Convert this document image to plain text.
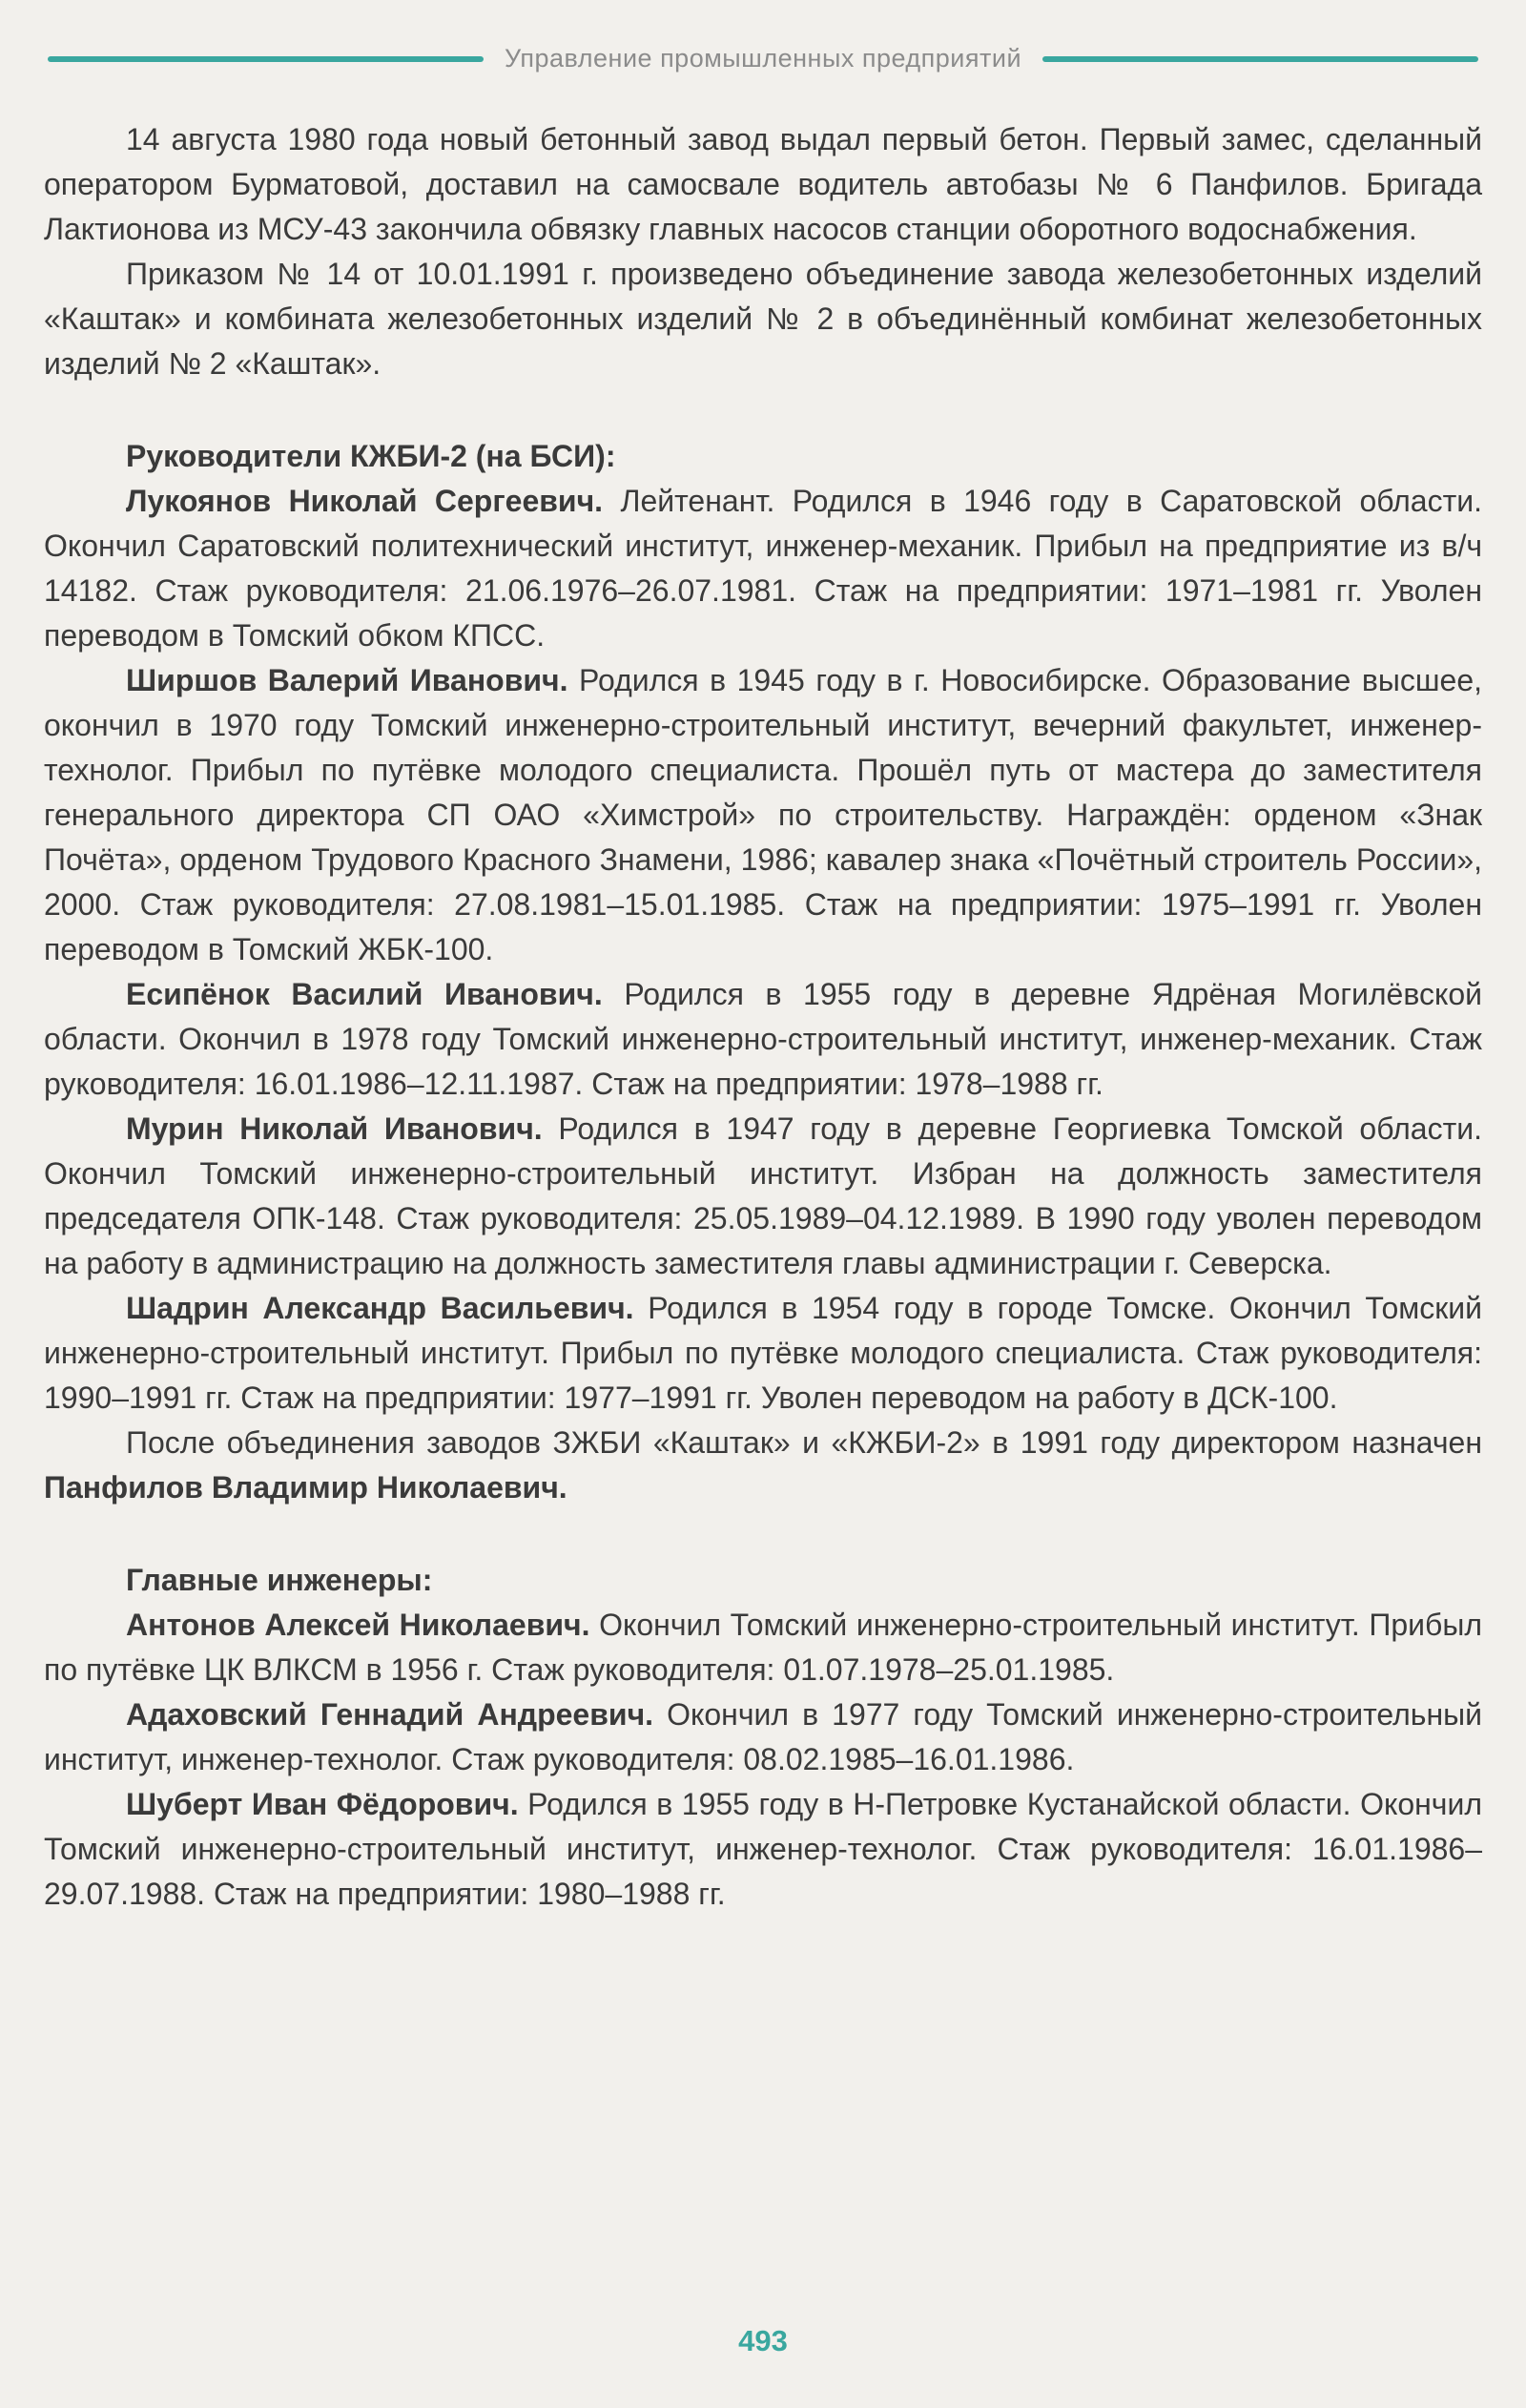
Управление промышленных предприятий

14 августа 1980 года новый бетонный завод выдал первый бетон. Первый замес, сделанный оператором Бурматовой, доставил на самосвале водитель автобазы № 6 Панфилов. Бригада Лактионова из МСУ-43 закончила обвязку главных насосов станции оборотного водоснабжения.

Приказом № 14 от 10.01.1991 г. произведено объединение завода железобетонных изделий «Каштак» и комбината железобетонных изделий № 2 в объединённый комбинат железобетонных изделий № 2 «Каштак».

Руководители КЖБИ-2 (на БСИ):

Лукоянов Николай Сергеевич. Лейтенант. Родился в 1946 году в Саратовской области. Окончил Саратовский политехнический институт, инженер-механик. Прибыл на предприятие из в/ч 14182. Стаж руководителя: 21.06.1976–26.07.1981. Стаж на предприятии: 1971–1981 гг. Уволен переводом в Томский обком КПСС.

Ширшов Валерий Иванович. Родился в 1945 году в г. Новосибирске. Образование высшее, окончил в 1970 году Томский инженерно-строительный институт, вечерний факультет, инженер-технолог. Прибыл по путёвке молодого специалиста. Прошёл путь от мастера до заместителя генерального директора СП ОАО «Химстрой» по строительству. Награждён: орденом «Знак Почёта», орденом Трудового Красного Знамени, 1986; кавалер знака «Почётный строитель России», 2000. Стаж руководителя: 27.08.1981–15.01.1985. Стаж на предприятии: 1975–1991 гг. Уволен переводом в Томский ЖБК-100.

Есипёнок Василий Иванович. Родился в 1955 году в деревне Ядрёная Могилёвской области. Окончил в 1978 году Томский инженерно-строительный институт, инженер-механик. Стаж руководителя: 16.01.1986–12.11.1987. Стаж на предприятии: 1978–1988 гг.

Мурин Николай Иванович. Родился в 1947 году в деревне Георгиевка Томской области. Окончил Томский инженерно-строительный институт. Избран на должность заместителя председателя ОПК-148. Стаж руководителя: 25.05.1989–04.12.1989. В 1990 году уволен переводом на работу в администрацию на должность заместителя главы администрации г. Северска.

Шадрин Александр Васильевич. Родился в 1954 году в городе Томске. Окончил Томский инженерно-строительный институт. Прибыл по путёвке молодого специалиста. Стаж руководителя: 1990–1991 гг. Стаж на предприятии: 1977–1991 гг. Уволен переводом на работу в ДСК-100.

После объединения заводов ЗЖБИ «Каштак» и «КЖБИ-2» в 1991 году директором назначен Панфилов Владимир Николаевич.

Главные инженеры:

Антонов Алексей Николаевич. Окончил Томский инженерно-строительный институт. Прибыл по путёвке ЦК ВЛКСМ в 1956 г. Стаж руководителя: 01.07.1978–25.01.1985.

Адаховский Геннадий Андреевич. Окончил в 1977 году Томский инженерно-строительный институт, инженер-технолог. Стаж руководителя: 08.02.1985–16.01.1986.

Шуберт Иван Фёдорович. Родился в 1955 году в Н-Петровке Кустанайской области. Окончил Томский инженерно-строительный институт, инженер-технолог. Стаж руководителя: 16.01.1986–29.07.1988. Стаж на предприятии: 1980–1988 гг.

493
